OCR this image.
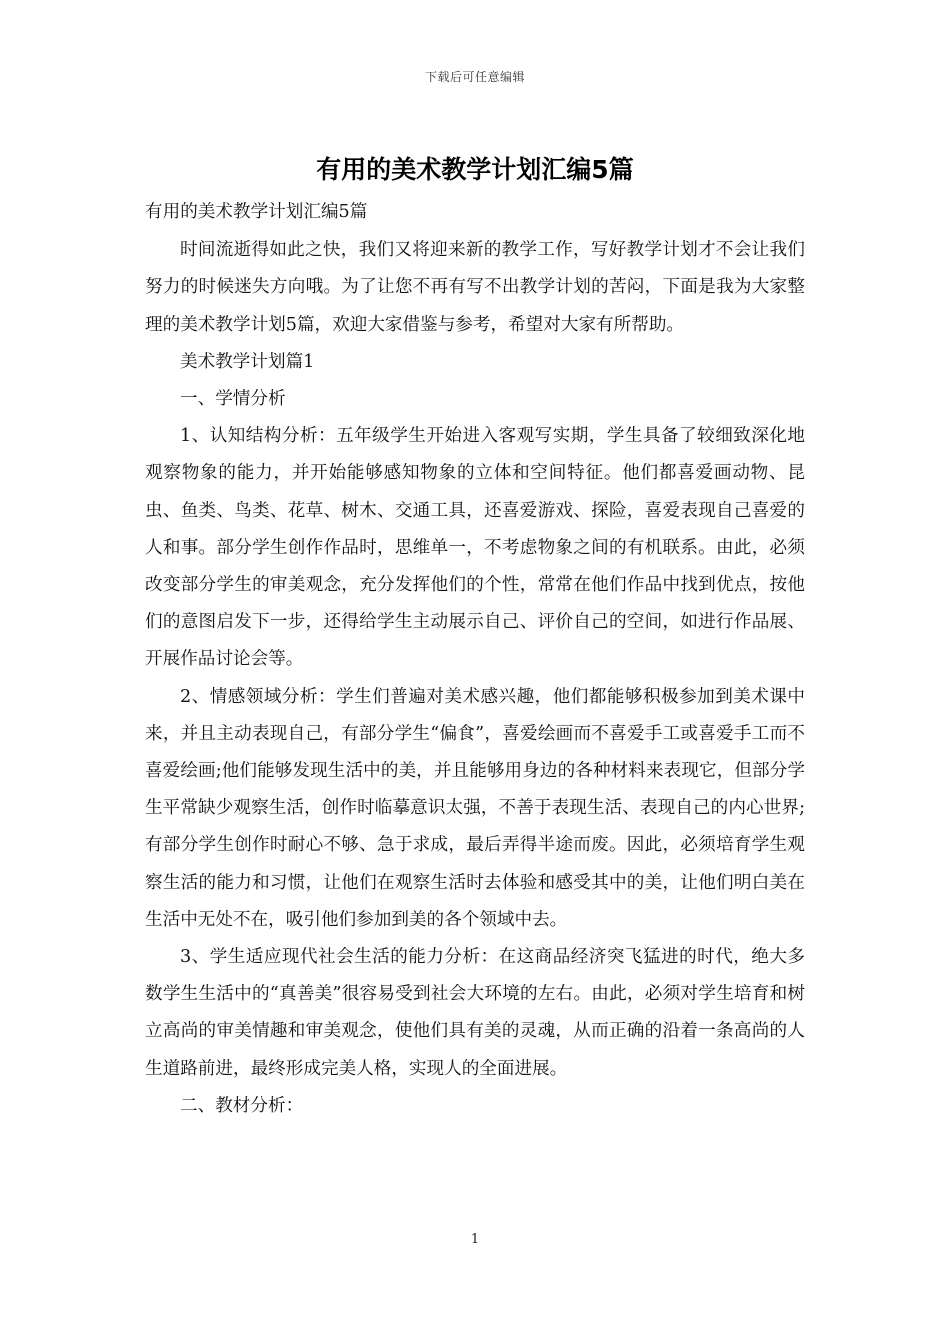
下载后可任意编辑
有用的美术教学计划汇编5篇

有用的美术教学计划汇编5篇

时间流逝得如此之快，我们又将迎来新的教学工作，写好教学计划才不会让我们努力的时候迷失方向哦。为了让您不再有写不出教学计划的苦闷，下面是我为大家整理的美术教学计划5篇，欢迎大家借鉴与参考，希望对大家有所帮助。

美术教学计划篇1

一、学情分析

1、认知结构分析：五年级学生开始进入客观写实期，学生具备了较细致深化地观察物象的能力，并开始能够感知物象的立体和空间特征。他们都喜爱画动物、昆虫、鱼类、鸟类、花草、树木、交通工具，还喜爱游戏、探险，喜爱表现自己喜爱的人和事。部分学生创作作品时，思维单一，不考虑物象之间的有机联系。由此，必须改变部分学生的审美观念，充分发挥他们的个性，常常在他们作品中找到优点，按他们的意图启发下一步，还得给学生主动展示自己、评价自己的空间，如进行作品展、开展作品讨论会等。

2、情感领域分析：学生们普遍对美术感兴趣，他们都能够积极参加到美术课中来，并且主动表现自己，有部分学生“偏食”，喜爱绘画而不喜爱手工或喜爱手工而不喜爱绘画;他们能够发现生活中的美，并且能够用身边的各种材料来表现它，但部分学生平常缺少观察生活，创作时临摹意识太强，不善于表现生活、表现自己的内心世界;有部分学生创作时耐心不够、急于求成，最后弄得半途而废。因此，必须培育学生观察生活的能力和习惯，让他们在观察生活时去体验和感受其中的美，让他们明白美在生活中无处不在，吸引他们参加到美的各个领域中去。

3、学生适应现代社会生活的能力分析：在这商品经济突飞猛进的时代，绝大多数学生生活中的“真善美”很容易受到社会大环境的左右。由此，必须对学生培育和树立高尚的审美情趣和审美观念，使他们具有美的灵魂，从而正确的沿着一条高尚的人生道路前进，最终形成完美人格，实现人的全面进展。

二、教材分析：

1
